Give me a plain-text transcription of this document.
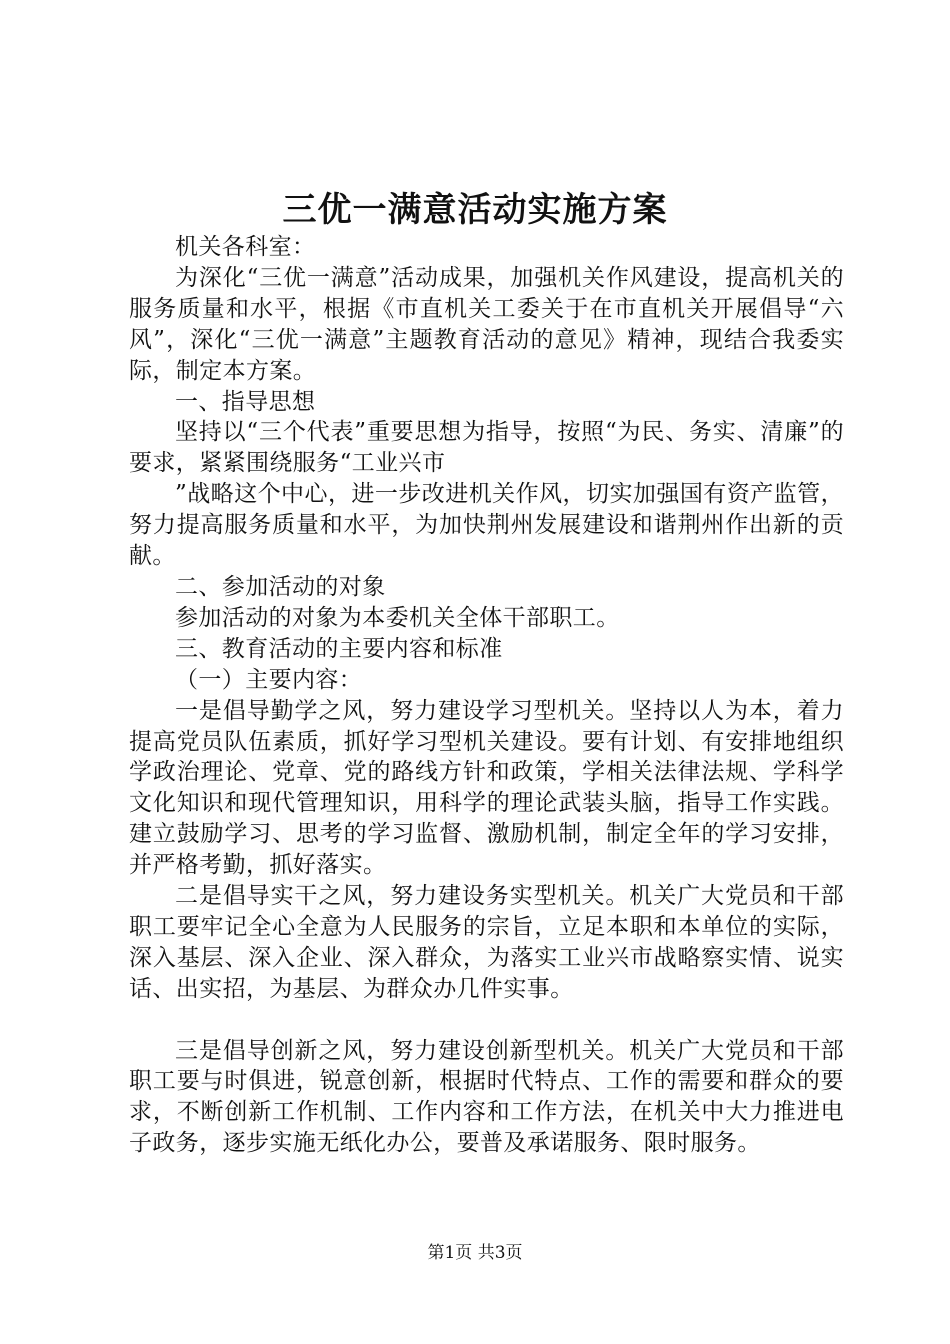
三优一满意活动实施方案

机关各科室：

为深化“三优一满意”活动成果，加强机关作风建设，提高机关的服务质量和水平，根据《市直机关工委关于在市直机关开展倡导“六风”，深化“三优一满意”主题教育活动的意见》精神，现结合我委实际，制定本方案。

一、指导思想

坚持以“三个代表”重要思想为指导，按照“为民、务实、清廉”的要求，紧紧围绕服务“工业兴市

”战略这个中心，进一步改进机关作风，切实加强国有资产监管，努力提高服务质量和水平，为加快荆州发展建设和谐荆州作出新的贡献。

二、参加活动的对象

参加活动的对象为本委机关全体干部职工。

三、教育活动的主要内容和标准

（一）主要内容：

一是倡导勤学之风，努力建设学习型机关。坚持以人为本，着力提高党员队伍素质，抓好学习型机关建设。要有计划、有安排地组织学政治理论、党章、党的路线方针和政策，学相关法律法规、学科学文化知识和现代管理知识，用科学的理论武装头脑，指导工作实践。建立鼓励学习、思考的学习监督、激励机制，制定全年的学习安排，并严格考勤，抓好落实。

二是倡导实干之风，努力建设务实型机关。机关广大党员和干部职工要牢记全心全意为人民服务的宗旨，立足本职和本单位的实际，深入基层、深入企业、深入群众，为落实工业兴市战略察实情、说实话、出实招，为基层、为群众办几件实事。

三是倡导创新之风，努力建设创新型机关。机关广大党员和干部职工要与时俱进，锐意创新，根据时代特点、工作的需要和群众的要求，不断创新工作机制、工作内容和工作方法，在机关中大力推进电子政务，逐步实施无纸化办公，要普及承诺服务、限时服务。

第1页 共3页
